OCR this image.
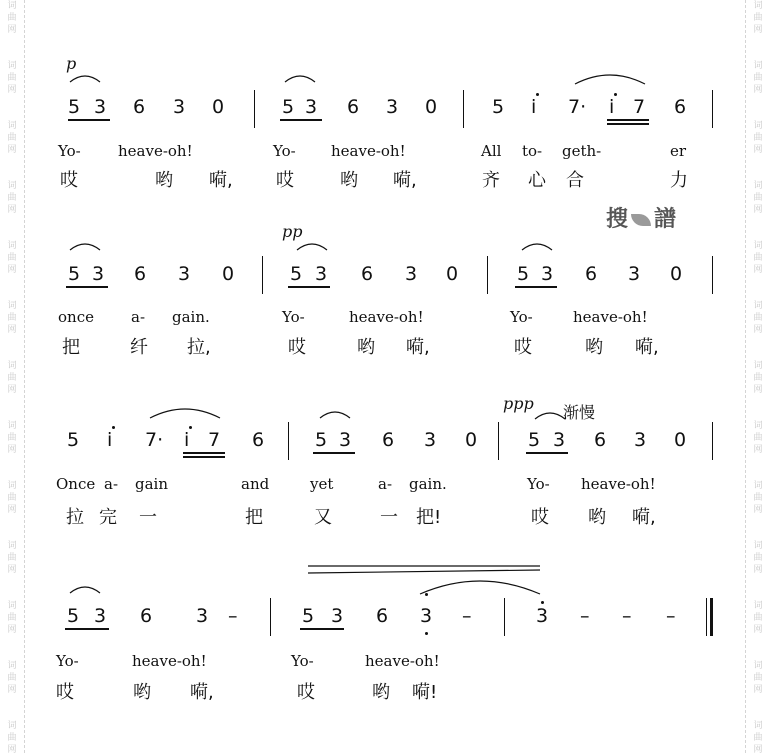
词
曲
网
词
曲
网
词
曲
网
词
曲
网
词
曲
网
词
曲
网
词
曲
网
词
曲
网
词
曲
网
词
曲
网
词
曲
网
词
曲
网
词
曲
网
词
曲
网
词
曲
网
词
曲
网
词
曲
网
词
曲
网
词
曲
网
词
曲
网
词
曲
网
词
曲
网
词
曲
网
词
曲
网
词
曲
网
词
曲
网
搜 譜
p
5 3 6 3 0	5 3 6 3 0	5 i 7· i 7 6
Yo- heave-oh!	Yo- heave-oh!	All to- geth-	er
哎	哟 嗬, 哎	哟 嗬,	齐 心 合	力
pp
5 3 6 3 0	5 3 6 3 0	5 3 6 3 0
once a- gain.	Yo-	heave-oh!	Yo-	heave-oh!
把	纤 拉,	哎	哟 嗬,	哎	哟 嗬,
ppp 渐慢
5 i 7· i 7 6	5 3 6 3 0	5 3 6 3 0
Once a- gain	and	yet	a- gain.	Yo- heave-oh!
拉 完 一	把	又	一 把!	哎 哟 嗬,
5 3 6 3 –	5 3 6 3 –	3 – – –
Yo-	heave-oh!	Yo-	heave-oh!
哎	哟 嗬,	哎	哟 嗬!
